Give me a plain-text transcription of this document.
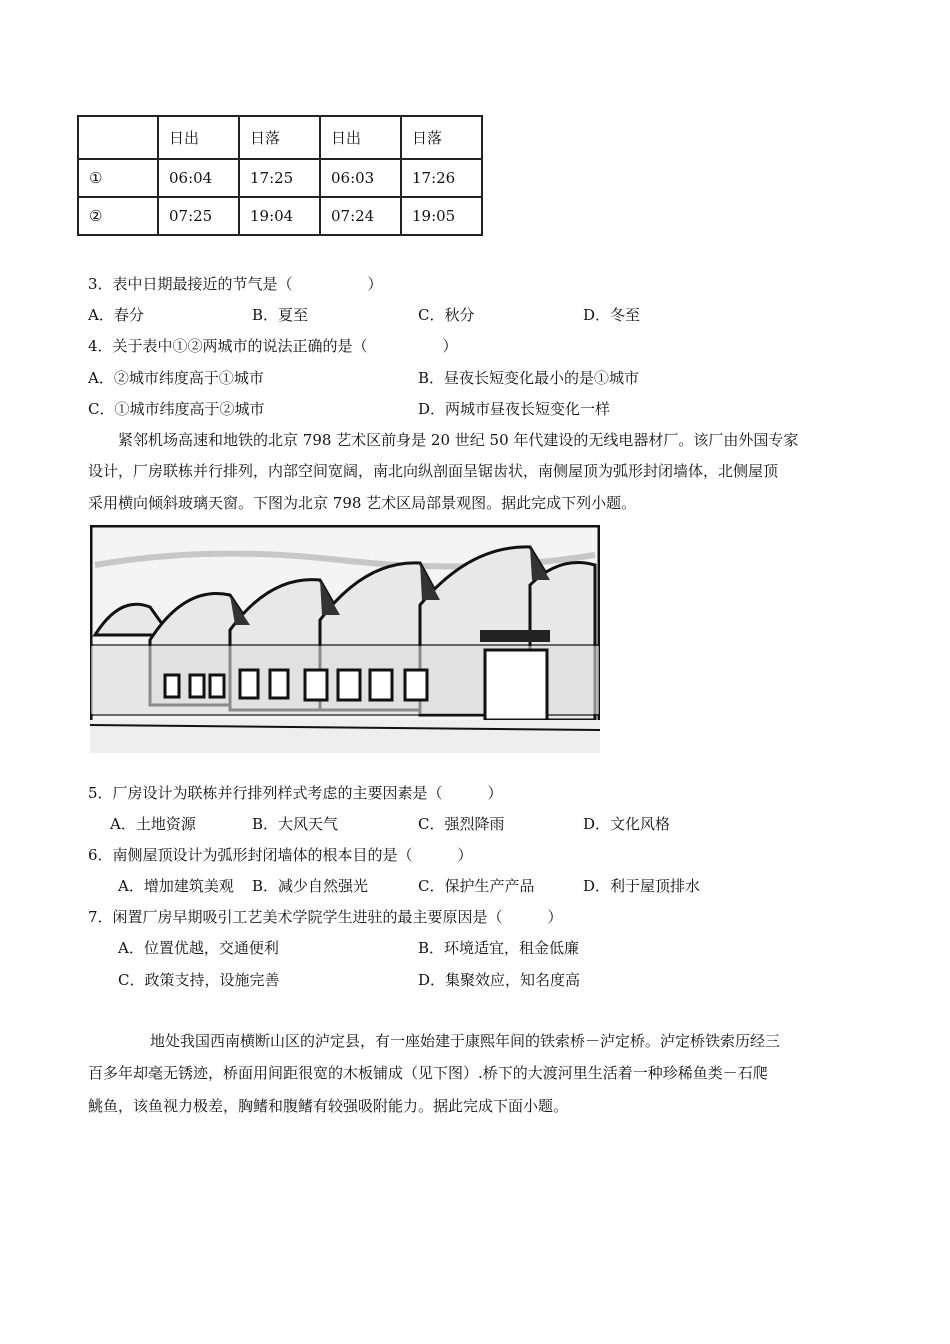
	日出	日落	日出	日落
①	06:04	17:25	06:03	17:26
②	07:25	19:04	07:24	19:05
3．表中日期最接近的节气是（　　　　　）
A．春分	B．夏至	C．秋分	D．冬至
4．关于表中①②两城市的说法正确的是（　　　　　）
A．②城市纬度高于①城市	B．昼夜长短变化最小的是①城市
C．①城市纬度高于②城市	D．两城市昼夜长短变化一样
紧邻机场高速和地铁的北京 798 艺术区前身是 20 世纪 50 年代建设的无线电器材厂。该厂由外国专家
设计，厂房联栋并行排列，内部空间宽阔，南北向纵剖面呈锯齿状，南侧屋顶为弧形封闭墙体，北侧屋顶
采用横向倾斜玻璃天窗。下图为北京 798 艺术区局部景观图。据此完成下列小题。
5．厂房设计为联栋并行排列样式考虑的主要因素是（　　　）
A．土地资源	B．大风天气	C．强烈降雨	D．文化风格
6．南侧屋顶设计为弧形封闭墙体的根本目的是（　　　）
A．增加建筑美观 B．减少自然强光	C．保护生产产品	D．利于屋顶排水
7．闲置厂房早期吸引工艺美术学院学生进驻的最主要原因是（　　　）
A．位置优越，交通便利	B．环境适宜，租金低廉
C．政策支持，设施完善	D．集聚效应，知名度高
地处我国西南横断山区的泸定县，有一座始建于康熙年间的铁索桥－泸定桥。泸定桥铁索历经三
百多年却毫无锈迹，桥面用间距很宽的木板铺成（见下图）.桥下的大渡河里生活着一种珍稀鱼类－石爬
鮡鱼，该鱼视力极差，胸鳍和腹鳍有较强吸附能力。据此完成下面小题。
